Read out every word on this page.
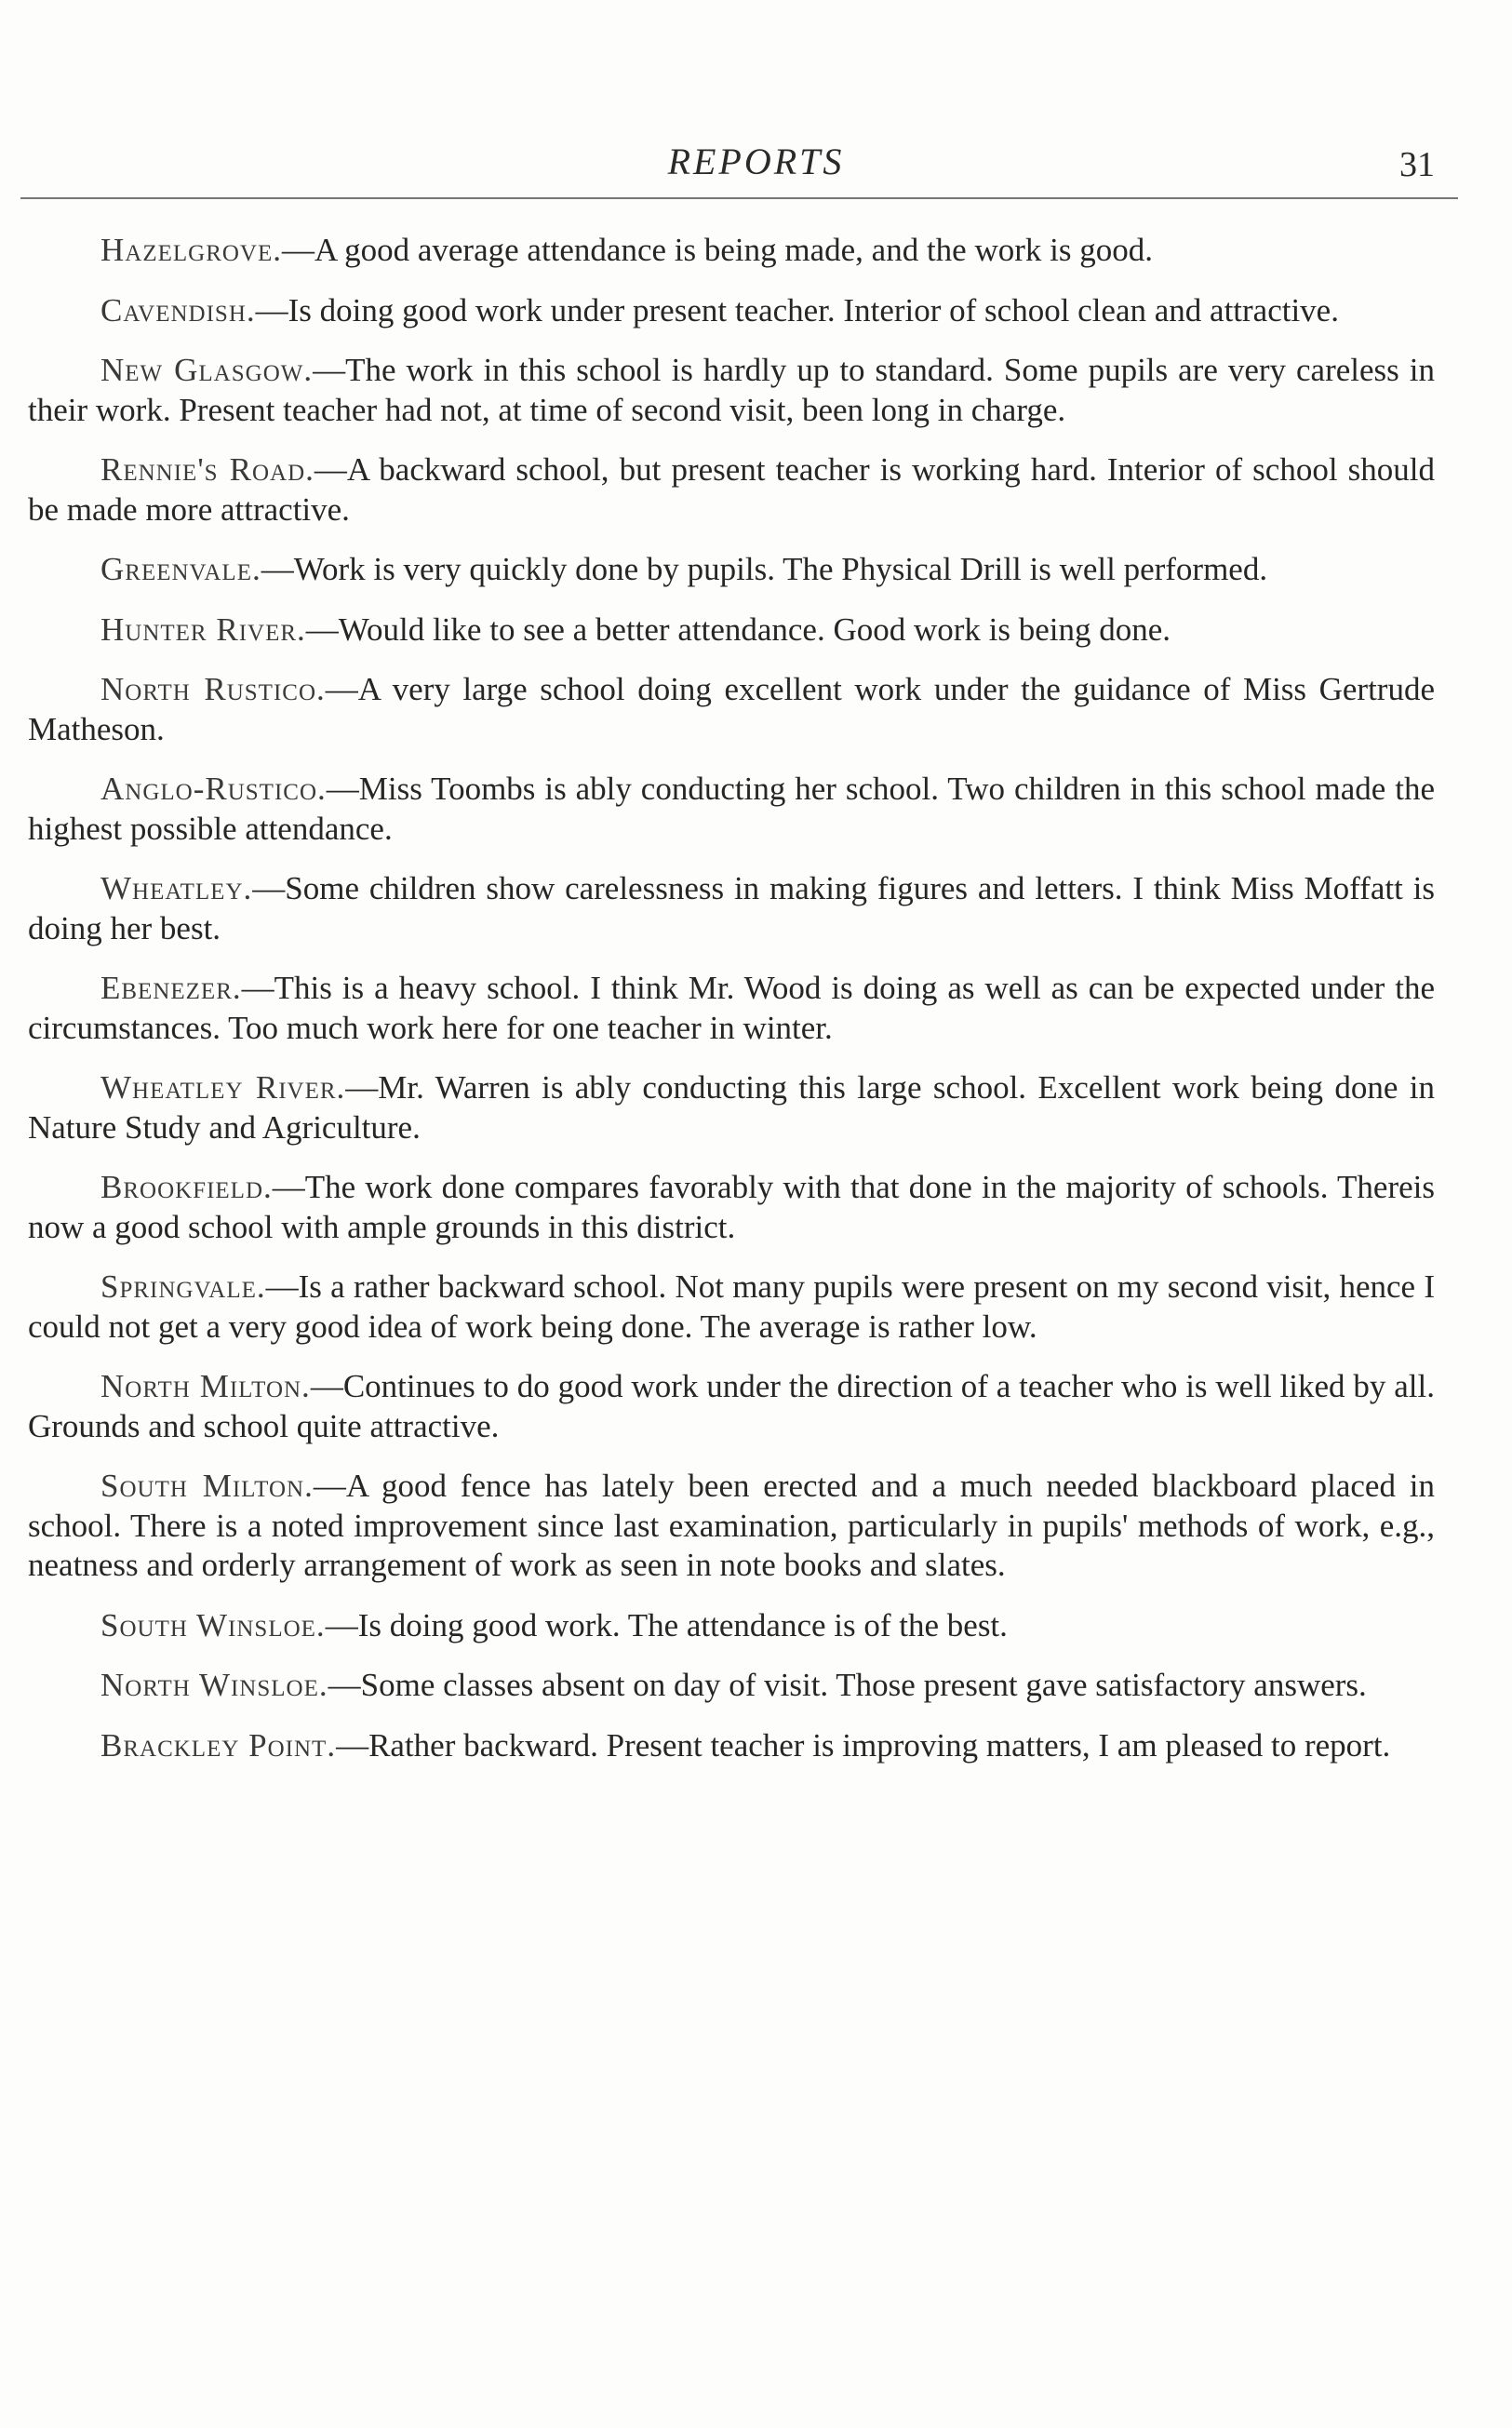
REPORTS	31

Hazelgrove.—A good average attendance is being made, and the work is good.

Cavendish.—Is doing good work under present teacher. Interior of school clean and attractive.

New Glasgow.—The work in this school is hardly up to standard. Some pupils are very careless in their work. Present teacher had not, at time of second visit, been long in charge.

Rennie's Road.—A backward school, but present teacher is working hard. Interior of school should be made more attractive.

Greenvale.—Work is very quickly done by pupils. The Physical Drill is well performed.

Hunter River.—Would like to see a better attendance. Good work is being done.

North Rustico.—A very large school doing excellent work under the guidance of Miss Gertrude Matheson.

Anglo-Rustico.—Miss Toombs is ably conducting her school. Two children in this school made the highest possible attendance.

Wheatley.—Some children show carelessness in making figures and letters. I think Miss Moffatt is doing her best.

Ebenezer.—This is a heavy school. I think Mr. Wood is doing as well as can be expected under the circumstances. Too much work here for one teacher in winter.

Wheatley River.—Mr. Warren is ably conducting this large school. Excellent work being done in Nature Study and Agriculture.

Brookfield.—The work done compares favorably with that done in the majority of schools. Thereis now a good school with ample grounds in this district.

Springvale.—Is a rather backward school. Not many pupils were present on my second visit, hence I could not get a very good idea of work being done. The average is rather low.

North Milton.—Continues to do good work under the direction of a teacher who is well liked by all. Grounds and school quite attractive.

South Milton.—A good fence has lately been erected and a much needed blackboard placed in school. There is a noted improvement since last examination, particularly in pupils' methods of work, e.g., neatness and orderly arrangement of work as seen in note books and slates.

South Winsloe.—Is doing good work. The attendance is of the best.

North Winsloe.—Some classes absent on day of visit. Those present gave satisfactory answers.

Brackley Point.—Rather backward. Present teacher is improving matters, I am pleased to report.
